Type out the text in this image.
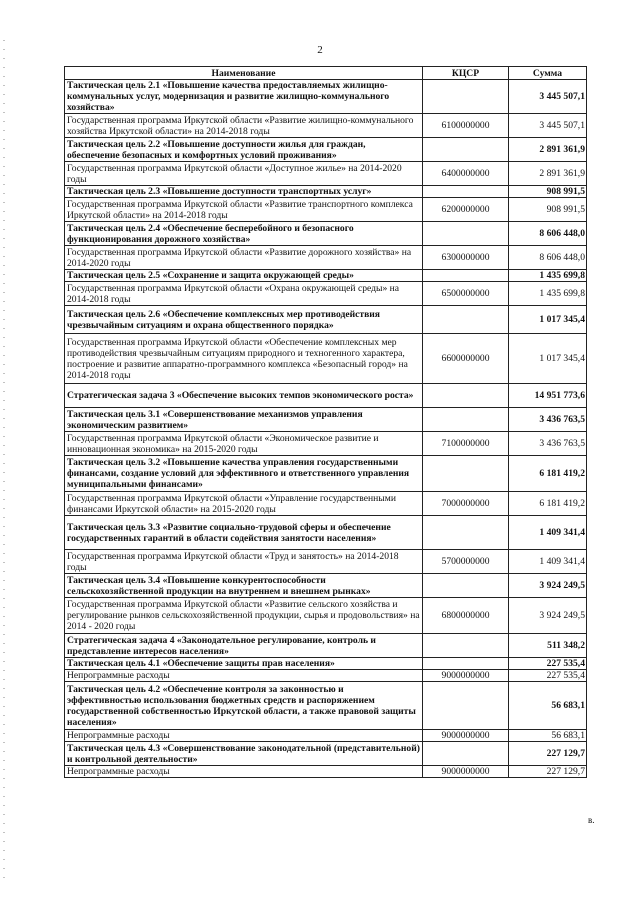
2
Наименование	КЦСР	Сумма
Тактическая цель 2.1 «Повышение качества предоставляемых жилищно-коммунальных услуг, модернизация и развитие жилищно-коммунального хозяйства»		3 445 507,1
Государственная программа Иркутской области «Развитие жилищно-коммунального хозяйства Иркутской области» на 2014-2018 годы	6100000000	3 445 507,1
Тактическая цель 2.2 «Повышение доступности жилья для граждан, обеспечение безопасных и комфортных условий проживания»		2 891 361,9
Государственная программа Иркутской области «Доступное жилье» на 2014-2020 годы	6400000000	2 891 361,9
Тактическая цель 2.3 «Повышение доступности транспортных услуг»		908 991,5
Государственная программа Иркутской области «Развитие транспортного комплекса Иркутской области» на 2014-2018 годы	6200000000	908 991,5
Тактическая цель 2.4 «Обеспечение бесперебойного и безопасного функционирования дорожного хозяйства»		8 606 448,0
Государственная программа Иркутской области «Развитие дорожного хозяйства» на 2014-2020 годы	6300000000	8 606 448,0
Тактическая цель 2.5 «Сохранение и защита окружающей среды»		1 435 699,8
Государственная программа Иркутской области «Охрана окружающей среды» на 2014-2018 годы	6500000000	1 435 699,8
Тактическая цель 2.6 «Обеспечение комплексных мер противодействия чрезвычайным ситуациям и охрана общественного порядка»		1 017 345,4
Государственная программа Иркутской области «Обеспечение комплексных мер противодействия чрезвычайным ситуациям природного и техногенного характера, построение и развитие аппаратно-программного комплекса «Безопасный город» на 2014-2018 годы	6600000000	1 017 345,4
Стратегическая задача 3 «Обеспечение высоких темпов экономического роста»		14 951 773,6
Тактическая цель 3.1 «Совершенствование механизмов управления экономическим развитием»		3 436 763,5
Государственная программа Иркутской области «Экономическое развитие и инновационная экономика» на 2015-2020 годы	7100000000	3 436 763,5
Тактическая цель 3.2 «Повышение качества управления государственными финансами, создание условий для эффективного и ответственного управления муниципальными финансами»		6 181 419,2
Государственная программа Иркутской области «Управление государственными финансами Иркутской области» на 2015-2020 годы	7000000000	6 181 419,2
Тактическая цель 3.3 «Развитие социально-трудовой сферы и обеспечение государственных гарантий в области содействия занятости населения»		1 409 341,4
Государственная программа Иркутской области «Труд и занятость» на 2014-2018 годы	5700000000	1 409 341,4
Тактическая цель 3.4 «Повышение конкурентоспособности сельскохозяйственной продукции на внутреннем и внешнем рынках»		3 924 249,5
Государственная программа Иркутской области «Развитие сельского хозяйства и регулирование рынков сельскохозяйственной продукции, сырья и продовольствия» на 2014 - 2020 годы	6800000000	3 924 249,5
Стратегическая задача 4 «Законодательное регулирование, контроль и представление интересов населения»		511 348,2
Тактическая цель 4.1 «Обеспечение защиты прав населения»		227 535,4
Непрограммные расходы	9000000000	227 535,4
Тактическая цель 4.2 «Обеспечение контроля за законностью и эффективностью использования бюджетных средств и распоряжением государственной собственностью Иркутской области, а также правовой защиты населения»		56 683,1
Непрограммные расходы	9000000000	56 683,1
Тактическая цель 4.3 «Совершенствование законодательной (представительной) и контрольной деятельности»		227 129,7
Непрограммные расходы	9000000000	227 129,7
в.
